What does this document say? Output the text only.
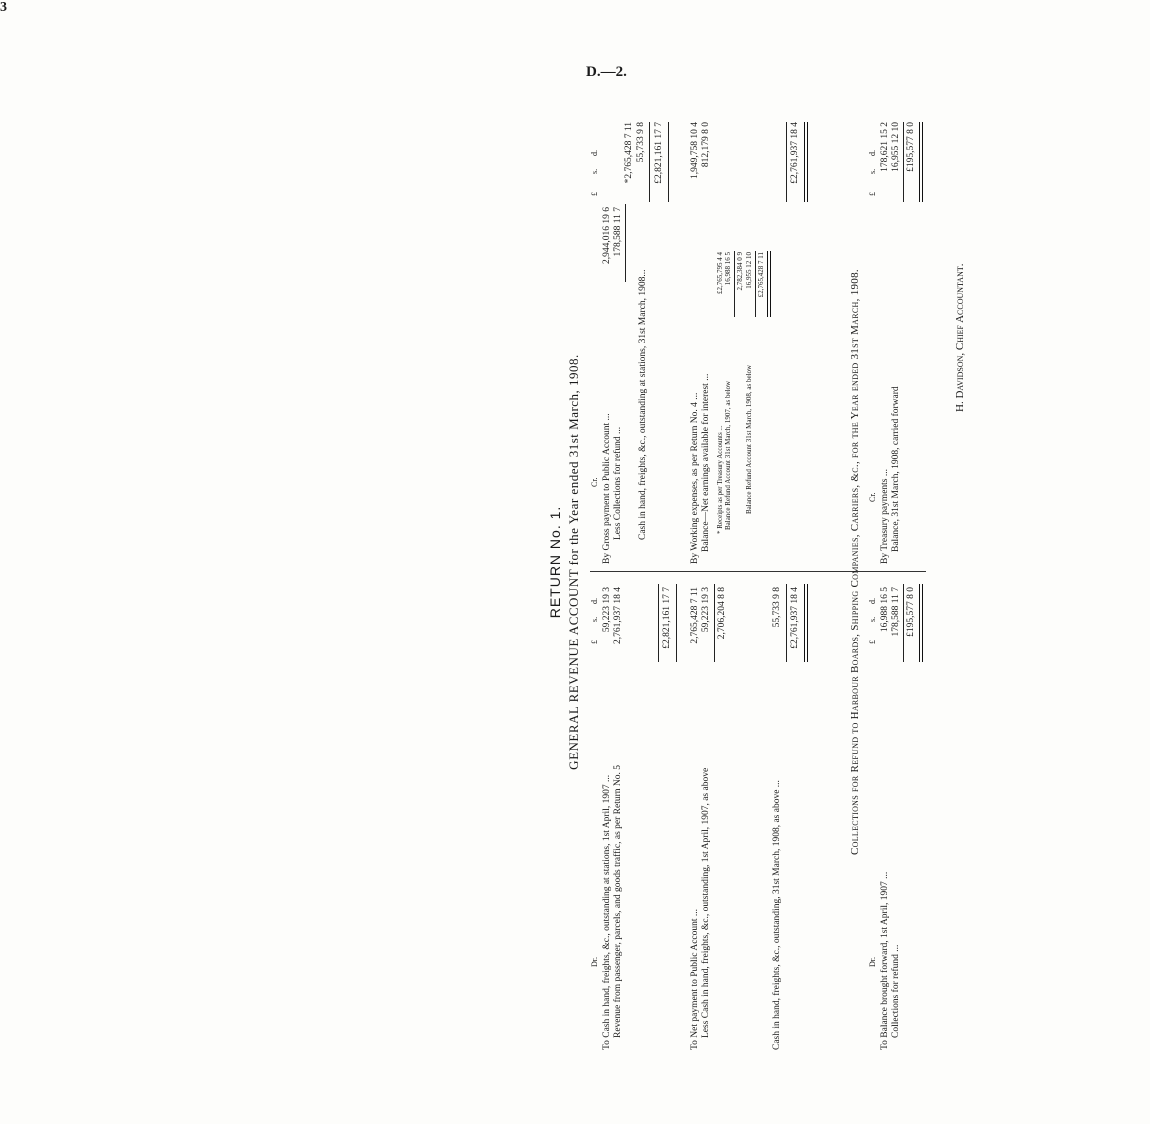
3
D.—2.
RETURN No. 1. GENERAL REVENUE ACCOUNT for the Year ended 31st March, 1908.
Dr.
Cr.
£
s.
d.
£
s.
d.
To Cash in hand, freights, &c., outstanding at stations, 1st April, 1907 ...
59,223 19 3
Revenue from passenger, parcels, and goods traffic, as per Return No. 5
2,761,937 18 4	£2,821,161 17 7
To Net payment to Public Account ...
2,765,428 7 11
Less Cash in hand, freights, &c., outstanding, 1st April, 1907, as above
59,223 19 3 2,706,204 8 8
Cash in hand, freights, &c., outstanding, 31st March, 1908, as above ...
55,733 9 8 £2,761,937 18 4
By Gross payment to Public Account ...
2,944,016 19 6
Less Collections for refund ...
178,588 11 7
*2,765,428 7 11
Cash in hand, freights, &c., outstanding at stations, 31st March, 1908...
55,733 9 8 £2,821,161 17 7
By Working expenses, as per Return No. 4 ...
1,949,758 10 4
Balance—Net earnings available for interest ...
812,179 8 0
* Receipts as per Treasury Accounts ...
£2,765,795 4 4
Balance Refund Account 31st March, 1907, as below
16,988 16 5 2,782,384 0 9
Balance Refund Account 31st March, 1908, as below
16,955 12 10 £2,765,428 7 11
£2,761,937 18 4
Collections for Refund to Harbour Boards, Shipping Companies, Carriers, &c., for the Year ended 31st March, 1908.
Dr.
Cr.
£
s.
d.
£
s.
d.
To Balance brought forward, 1st April, 1907 ...
16,988 16 5
Collections for refund ...
178,588 11 7 £195,577 8 0
By Treasury payments ...
178,621 15 2
Balance, 31st March, 1908, carried forward
16,955 12 10 £195,577 8 0
H. Davidson, Chief Accountant.
